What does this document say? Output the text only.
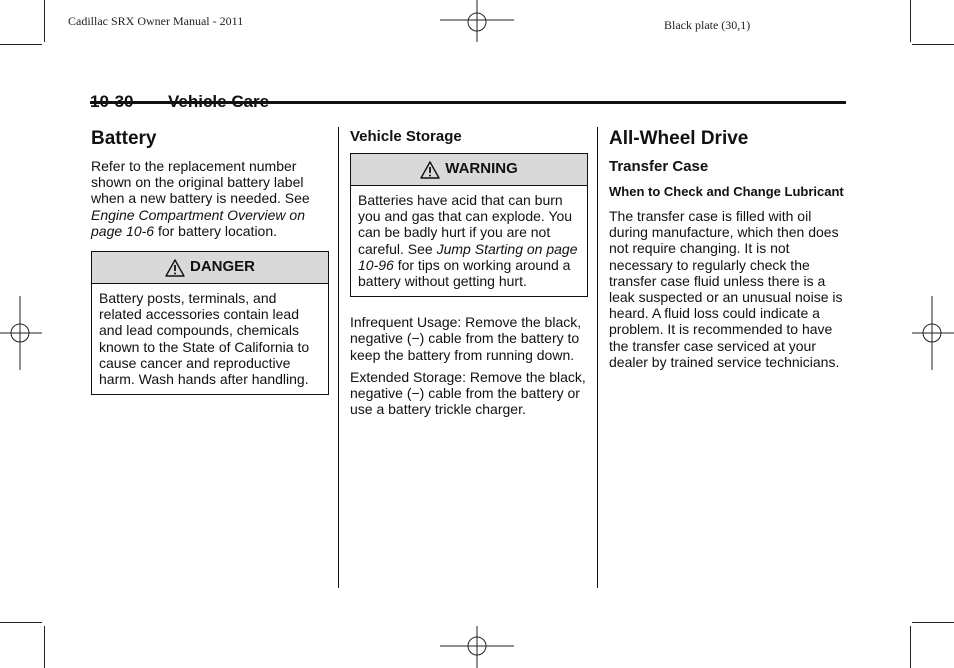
Cadillac SRX Owner Manual - 2011	Black plate (30,1)
Battery

Refer to the replacement number shown on the original battery label when a new battery is needed. See Engine Compartment Overview on page 10-6 for battery location.

DANGER

Battery posts, terminals, and related accessories contain lead and lead compounds, chemicals known to the State of California to cause cancer and reproductive harm. Wash hands after handling.

Vehicle Storage
WARNING

Batteries have acid that can burn you and gas that can explode. You can be badly hurt if you are not careful. See Jump Starting on page 10-96 for tips on working around a battery without getting hurt.

Infrequent Usage: Remove the black, negative (−) cable from the battery to keep the battery from running down.

Extended Storage: Remove the black, negative (−) cable from the battery or use a battery trickle charger.

All-Wheel Drive
Transfer Case
When to Check and Change Lubricant

The transfer case is filled with oil during manufacture, which then does not require changing. It is not necessary to regularly check the transfer case fluid unless there is a leak suspected or an unusual noise is heard. A fluid loss could indicate a problem. It is recommended to have the transfer case serviced at your dealer by trained service technicians.
